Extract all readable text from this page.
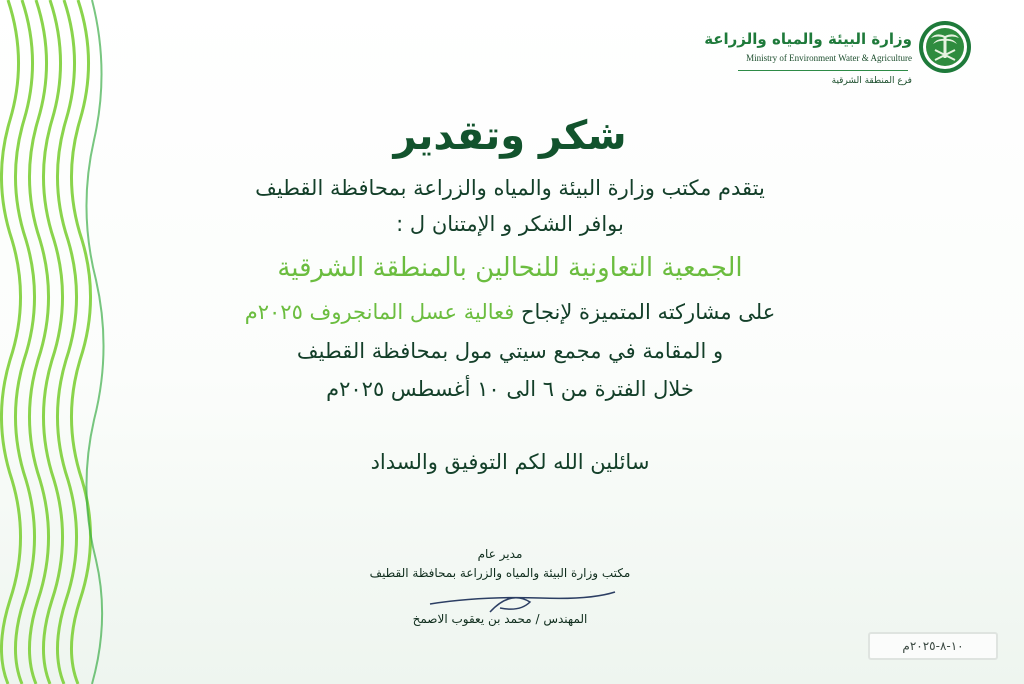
وزارة البيئة والمياه والزراعة
Ministry of Environment Water & Agriculture
فرع المنطقة الشرقية
شكر وتقدير
يتقدم مكتب وزارة البيئة والمياه والزراعة بمحافظة القطيف
بوافر الشكر و الإمتنان ل :
الجمعية التعاونية للنحالين بالمنطقة الشرقية
على مشاركته المتميزة لإنجاح فعالية عسل المانجروف ٢٠٢٥م
و المقامة في مجمع سيتي مول بمحافظة القطيف
خلال الفترة من ٦ الى ١٠ أغسطس ٢٠٢٥م
سائلين الله لكم التوفيق والسداد
مدير عام
مكتب وزارة البيئة والمياه والزراعة بمحافظة القطيف
المهندس / محمد بن يعقوب الاصمخ
١٠-٨-٢٠٢٥م
